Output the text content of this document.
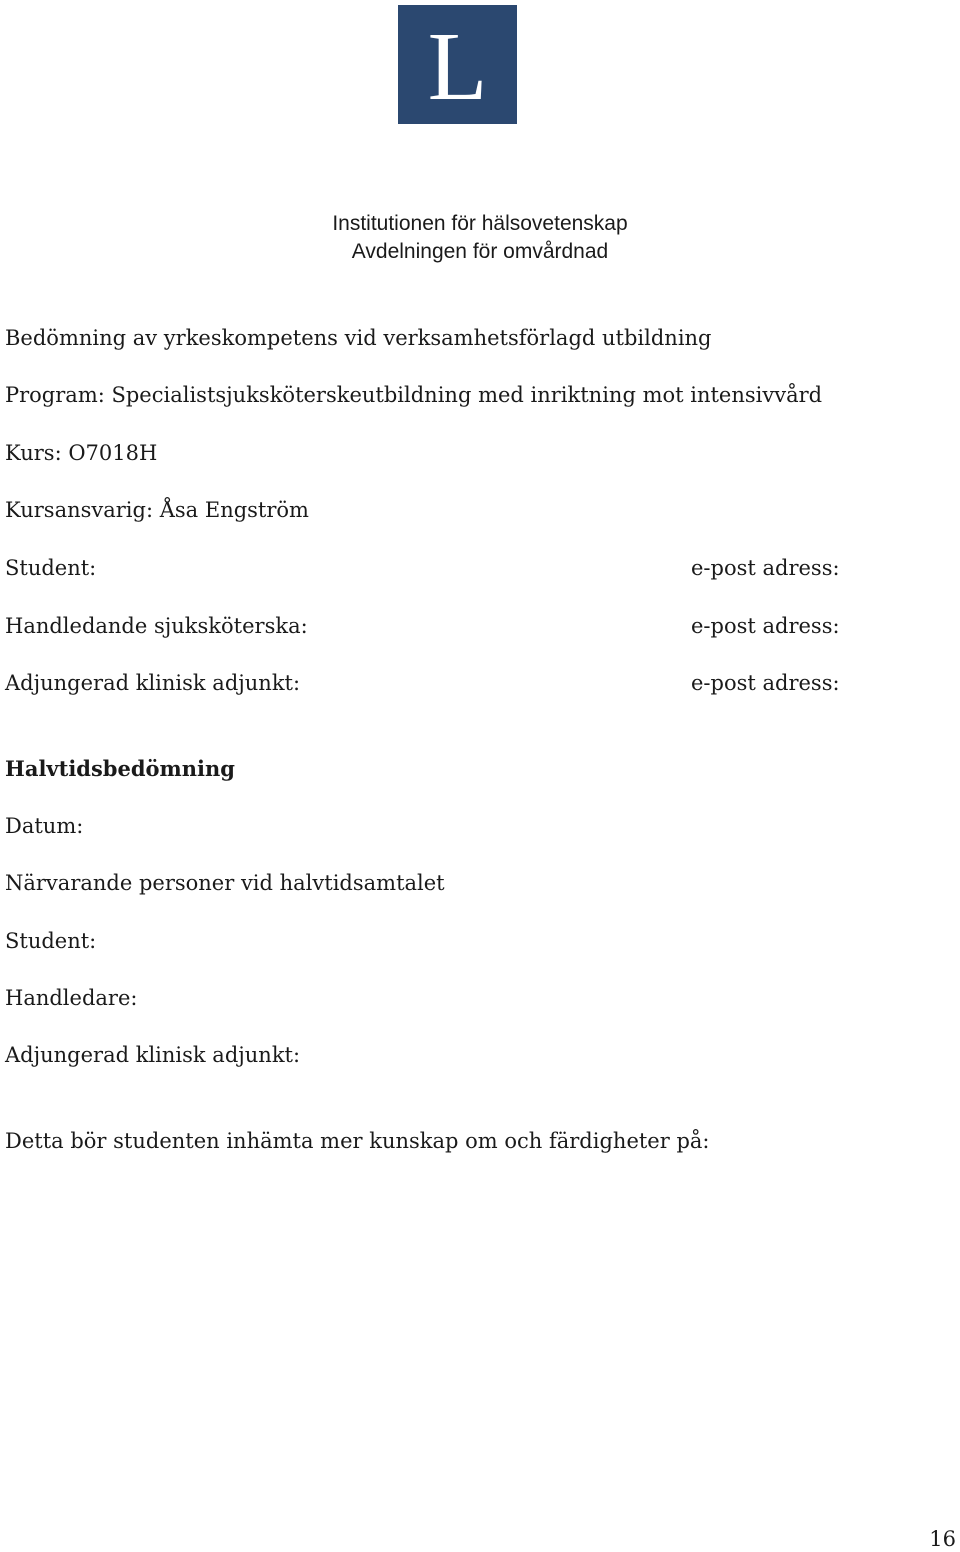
L
Institutionen för hälsovetenskap
Avdelningen för omvårdnad
Bedömning av yrkeskompetens vid verksamhetsförlagd utbildning
Program: Specialistsjuksköterskeutbildning med inriktning mot intensivvård
Kurs: O7018H
Kursansvarig: Åsa Engström
Student:	e-post adress:
Handledande sjuksköterska:	e-post adress:
Adjungerad klinisk adjunkt:	e-post adress:
Halvtidsbedömning
Datum:
Närvarande personer vid halvtidsamtalet
Student:
Handledare:
Adjungerad klinisk adjunkt:
Detta bör studenten inhämta mer kunskap om och färdigheter på:
16
